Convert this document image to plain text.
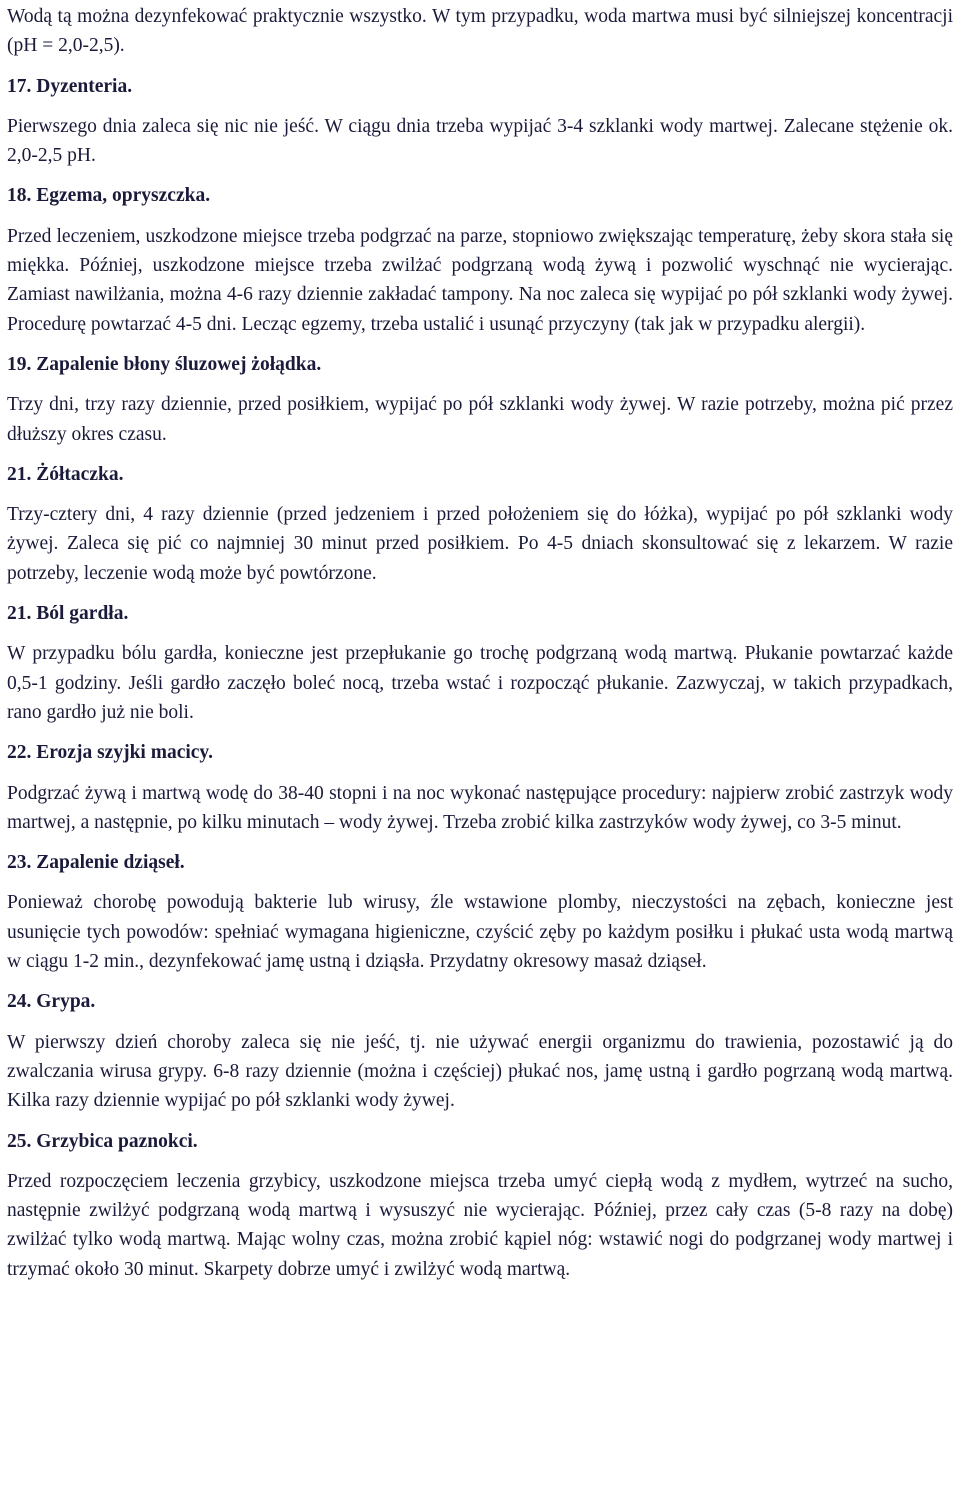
Wodą tą można dezynfekować praktycznie wszystko. W tym przypadku, woda martwa musi być silniejszej koncentracji (pH = 2,0-2,5).

17. Dyzenteria.

Pierwszego dnia zaleca się nic nie jeść. W ciągu dnia trzeba wypijać 3-4 szklanki wody martwej. Zalecane stężenie ok. 2,0-2,5 pH.

18. Egzema, opryszczka.

Przed leczeniem, uszkodzone miejsce trzeba podgrzać na parze, stopniowo zwiększając temperaturę, żeby skora stała się miękka. Później, uszkodzone miejsce trzeba zwilżać podgrzaną wodą żywą i pozwolić wyschnąć nie wycierając. Zamiast nawilżania, można 4-6 razy dziennie zakładać tampony. Na noc zaleca się wypijać po pół szklanki wody żywej. Procedurę powtarzać 4-5 dni. Lecząc egzemy, trzeba ustalić i usunąć przyczyny (tak jak w przypadku alergii).

19. Zapalenie błony śluzowej żołądka.

Trzy dni, trzy razy dziennie, przed posiłkiem, wypijać po pół szklanki wody żywej. W razie potrzeby, można pić przez dłuższy okres czasu.

21. Żółtaczka.

Trzy-cztery dni, 4 razy dziennie (przed jedzeniem i przed położeniem się do łóżka), wypijać po pół szklanki wody żywej. Zaleca się pić co najmniej 30 minut przed posiłkiem. Po 4-5 dniach skonsultować się z lekarzem. W razie potrzeby, leczenie wodą może być powtórzone.

21. Ból gardła.

W przypadku bólu gardła, konieczne jest przepłukanie go trochę podgrzaną wodą martwą. Płukanie powtarzać każde 0,5-1 godziny. Jeśli gardło zaczęło boleć nocą, trzeba wstać i rozpocząć płukanie. Zazwyczaj, w takich przypadkach, rano gardło już nie boli.

22. Erozja szyjki macicy.

Podgrzać żywą i martwą wodę do 38-40 stopni i na noc wykonać następujące procedury: najpierw zrobić zastrzyk wody martwej, a następnie, po kilku minutach – wody żywej. Trzeba zrobić kilka zastrzyków wody żywej, co 3-5 minut.

23. Zapalenie dziąseł.

Ponieważ chorobę powodują bakterie lub wirusy, źle wstawione plomby, nieczystości na zębach, konieczne jest usunięcie tych powodów: spełniać wymagana higieniczne, czyścić zęby po każdym posiłku i płukać usta wodą martwą w ciągu 1-2 min., dezynfekować jamę ustną i dziąsła. Przydatny okresowy masaż dziąseł.

24. Grypa.

W pierwszy dzień choroby zaleca się nie jeść, tj. nie używać energii organizmu do trawienia, pozostawić ją do zwalczania wirusa grypy. 6-8 razy dziennie (można i częściej) płukać nos, jamę ustną i gardło pogrzaną wodą martwą. Kilka razy dziennie wypijać po pół szklanki wody żywej.

25. Grzybica paznokci.

Przed rozpoczęciem leczenia grzybicy, uszkodzone miejsca trzeba umyć ciepłą wodą z mydłem, wytrzeć na sucho, następnie zwilżyć podgrzaną wodą martwą i wysuszyć nie wycierając. Później, przez cały czas (5-8 razy na dobę) zwilżać tylko wodą martwą. Mając wolny czas, można zrobić kąpiel nóg: wstawić nogi do podgrzanej wody martwej i trzymać około 30 minut. Skarpety dobrze umyć i zwilżyć wodą martwą.
